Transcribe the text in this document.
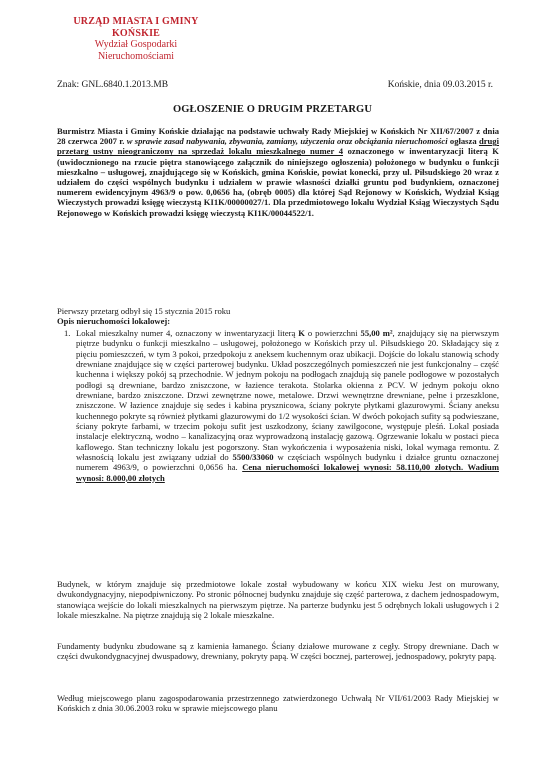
URZĄD MIASTA I GMINY
KOŃSKIE
Wydział Gospodarki
Nieruchomościami
Znak: GNL.6840.1.2013.MB	Końskie, dnia 09.03.2015 r.
OGŁOSZENIE O DRUGIM PRZETARGU
Burmistrz Miasta i Gminy Końskie działając na podstawie uchwały Rady Miejskiej w Końskich Nr XII/67/2007 z dnia 28 czerwca 2007 r. w sprawie zasad nabywania, zbywania, zamiany, użyczenia oraz obciążania nieruchomości ogłasza drugi przetarg ustny nieograniczony na sprzedaż lokalu mieszkalnego numer 4 oznaczonego w inwentaryzacji literą K (uwidocznionego na rzucie piętra stanowiącego załącznik do niniejszego ogłoszenia) położonego w budynku o funkcji mieszkalno – usługowej, znajdującego się w Końskich, gmina Końskie, powiat konecki, przy ul. Piłsudskiego 20 wraz z udziałem do części wspólnych budynku i udziałem w prawie własności działki gruntu pod budynkiem, oznaczonej numerem ewidencyjnym 4963/9 o pow. 0,0656 ha, (obręb 0005) dla której Sąd Rejonowy w Końskich, Wydział Ksiąg Wieczystych prowadzi księgę wieczystą KI1K/00000027/1. Dla przedmiotowego lokalu Wydział Ksiąg Wieczystych Sądu Rejonowego w Końskich prowadzi księgę wieczystą KI1K/00044522/1.
Pierwszy przetarg odbył się 15 stycznia 2015 roku
Opis nieruchomości lokalowej:
1. Lokal mieszkalny numer 4, oznaczony w inwentaryzacji literą K o powierzchni 55,00 m², znajdujący się na pierwszym piętrze budynku o funkcji mieszkalno – usługowej, położonego w Końskich przy ul. Piłsudskiego 20. Składający się z pięciu pomieszczeń, w tym 3 pokoi, przedpokoju z aneksem kuchennym oraz ubikacji. Dojście do lokalu stanowią schody drewniane znajdujące się w części parterowej budynku. Układ poszczególnych pomieszczeń nie jest funkcjonalny – część kuchenna i większy pokój są przechodnie. W jednym pokoju na podłogach znajdują się panele podłogowe w pozostałych podłogi są drewniane, bardzo zniszczone, w łazience terakota. Stolarka okienna z PCV. W jednym pokoju okno drewniane, bardzo zniszczone. Drzwi zewnętrzne nowe, metalowe. Drzwi wewnętrzne drewniane, pełne i przeszklone, zniszczone. W łazience znajduje się sedes i kabina prysznicowa, ściany pokryte płytkami glazurowymi. Ściany aneksu kuchennego pokryte są również płytkami glazurowymi do 1/2 wysokości ścian. W dwóch pokojach sufity są podwieszane, ściany pokryte farbami, w trzecim pokoju sufit jest uszkodzony, ściany zawilgocone, występuje pleśń. Lokal posiada instalacje elektryczną, wodno – kanalizacyjną oraz wyprowadzoną instalację gazową. Ogrzewanie lokalu w postaci pieca kaflowego. Stan techniczny lokalu jest pogorszony. Stan wykończenia i wyposażenia niski, lokal wymaga remontu. Z własnością lokalu jest związany udział do 5500/33060 w częściach wspólnych budynku i działce gruntu oznaczonej numerem 4963/9, o powierzchni 0,0656 ha. Cena nieruchomości lokalowej wynosi: 58.110,00 złotych. Wadium wynosi: 8.000,00 złotych
Budynek, w którym znajduje się przedmiotowe lokale został wybudowany w końcu XIX wieku Jest on murowany, dwukondygnacyjny, niepodpiwniczony. Po stronic północnej budynku znajduje się część parterowa, z dachem jednospadowym, stanowiąca wejście do lokali mieszkalnych na pierwszym piętrze. Na parterze budynku jest 5 odrębnych lokali usługowych i 2 lokale mieszkalne. Na piętrze znajdują się 2 lokale mieszkalne.
Fundamenty budynku zbudowane są z kamienia łamanego. Ściany działowe murowane z cegły. Stropy drewniane. Dach w części dwukondygnacyjnej dwuspadowy, drewniany, pokryty papą. W części bocznej, parterowej, jednospadowy, pokryty papą.
Według miejscowego planu zagospodarowania przestrzennego zatwierdzonego Uchwałą Nr VII/61/2003 Rady Miejskiej w Końskich z dnia 30.06.2003 roku w sprawie miejscowego planu
